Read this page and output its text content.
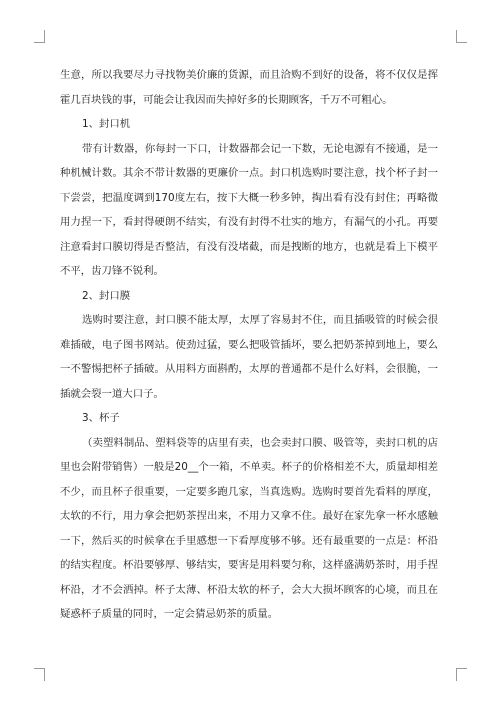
生意，所以我要尽力寻找物美价廉的货源，而且洽购不到好的设备，将不仅仅是挥霍几百块钱的事，可能会让我因而失掉好多的长期顾客，千万不可粗心。

1、封口机

带有计数器，你每封一下口，计数器都会记一下数，无论电源有不接通，是一种机械计数。其余不带计数器的更廉价一点。封口机选购时要注意，找个杯子封一下尝尝，把温度调到170度左右，按下大概一秒多钟，掏出看有没有封住；再略微用力捏一下，看封得硬朗不结实，有没有封得不壮实的地方，有漏气的小孔。再要注意看封口膜切得是否整洁，有没有没堵截，而是拽断的地方，也就是看上下模平不平，齿刀锋不锐利。

2、封口膜

选购时要注意，封口膜不能太厚，太厚了容易封不住，而且插吸管的时候会很难插破，电子图书网站。使劲过猛，要么把吸管插坏，要么把奶茶掉到地上，要么一不警惕把杯子插破。从用料方面斟酌，太厚的普通都不是什么好料，会很脆，一插就会裂一道大口子。

3、杯子

（卖塑料制品、塑料袋等的店里有卖，也会卖封口膜、吸管等，卖封口机的店里也会附带销售）一般是20__个一箱，不单卖。杯子的价格相差不大，质量却相差不少，而且杯子很重要，一定要多跑几家，当真选购。选购时要首先看料的厚度，太软的不行，用力拿会把奶茶捏出来，不用力又拿不住。最好在家先拿一杯水感触一下，然后买的时候拿在手里感想一下看厚度够不够。还有最重要的一点是：杯沿的结实程度。杯沿要够厚、够结实，要害是用料要匀称，这样盛满奶茶时，用手捏杯沿，才不会洒掉。杯子太薄、杯沿太软的杯子，会大大损坏顾客的心境，而且在疑惑杯子质量的同时，一定会猜忌奶茶的质量。
